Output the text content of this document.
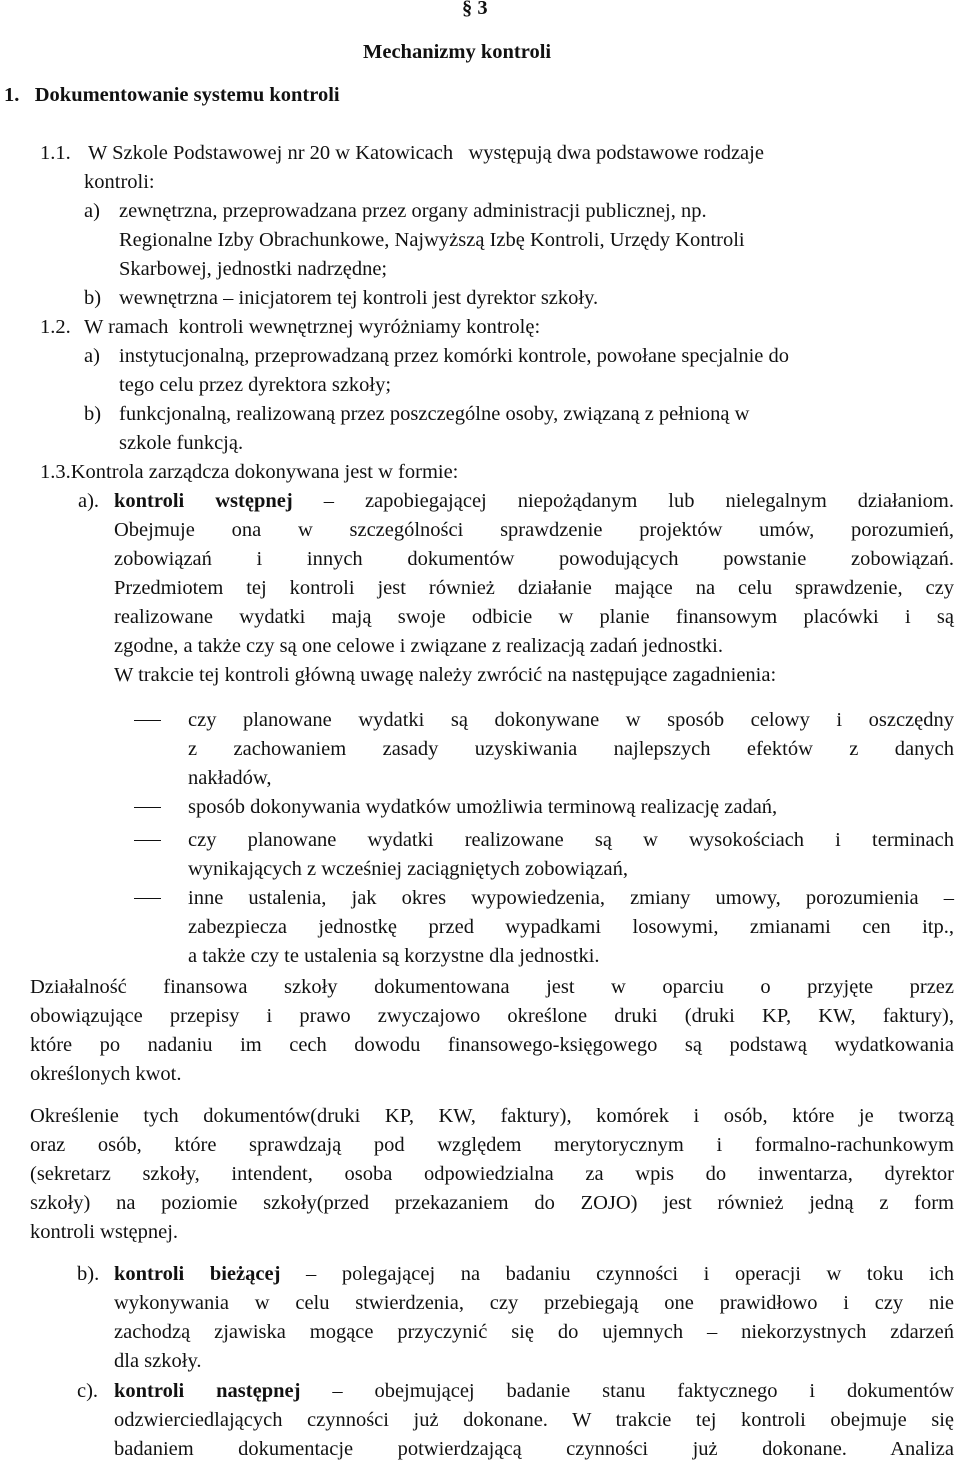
§ 3
Mechanizmy kontroli
1.   Dokumentowanie systemu kontroli
1.1. W Szkole Podstawowej nr 20 w Katowicach   występują dwa podstawowe rodzaje
kontroli:
a) zewnętrzna, przeprowadzana przez organy administracji publicznej, np.
Regionalne Izby Obrachunkowe, Najwyższą Izbę Kontroli, Urzędy Kontroli
Skarbowej, jednostki nadrzędne;
b) wewnętrzna – inicjatorem tej kontroli jest dyrektor szkoły.
1.2. W ramach  kontroli wewnętrznej wyróżniamy kontrolę:
a) instytucjonalną, przeprowadzaną przez komórki kontrole, powołane specjalnie do
tego celu przez dyrektora szkoły;
b) funkcjonalną, realizowaną przez poszczególne osoby, związaną z pełnioną w
szkole funkcją.
1.3.Kontrola zarządcza dokonywana jest w formie:
a). kontroli wstępnej – zapobiegającej niepożądanym lub nielegalnym działaniom.
Obejmuje ona w szczególności sprawdzenie projektów umów, porozumień,
zobowiązań i innych dokumentów powodujących powstanie zobowiązań.
Przedmiotem tej kontroli jest również działanie mające na celu sprawdzenie, czy
realizowane wydatki mają swoje odbicie w planie finansowym placówki i są
zgodne, a także czy są one celowe i związane z realizacją zadań jednostki.
W trakcie tej kontroli główną uwagę należy zwrócić na następujące zagadnienia:
czy planowane wydatki są dokonywane w sposób celowy i oszczędny
z zachowaniem zasady uzyskiwania najlepszych efektów z danych
nakładów,
sposób dokonywania wydatków umożliwia terminową realizację zadań,
czy planowane wydatki realizowane są w wysokościach i terminach
wynikających z wcześniej zaciągniętych zobowiązań,
inne ustalenia, jak okres wypowiedzenia, zmiany umowy, porozumienia –
zabezpiecza jednostkę przed wypadkami losowymi, zmianami cen itp.,
a także czy te ustalenia są korzystne dla jednostki.
Działalność finansowa szkoły dokumentowana jest w oparciu o przyjęte przez
obowiązujące przepisy i prawo zwyczajowo określone druki (druki KP, KW, faktury),
które po nadaniu im cech dowodu finansowego-księgowego są podstawą wydatkowania
określonych kwot.
Określenie tych dokumentów(druki KP, KW, faktury), komórek i osób, które je tworzą
oraz osób, które sprawdzają pod względem merytorycznym i formalno-rachunkowym
(sekretarz szkoły, intendent, osoba odpowiedzialna za wpis do inwentarza, dyrektor
szkoły) na poziomie szkoły(przed przekazaniem do ZOJO) jest również jedną z form
kontroli wstępnej.
b). kontroli bieżącej – polegającej na badaniu czynności i operacji w toku ich
wykonywania w celu stwierdzenia, czy przebiegają one prawidłowo i czy nie
zachodzą zjawiska mogące przyczynić się do ujemnych – niekorzystnych zdarzeń
dla szkoły.
c). kontroli następnej – obejmującej badanie stanu faktycznego i dokumentów
odzwierciedlających czynności już dokonane. W trakcie tej kontroli obejmuje się
badaniem dokumentacje potwierdzającą czynności już dokonane. Analiza
